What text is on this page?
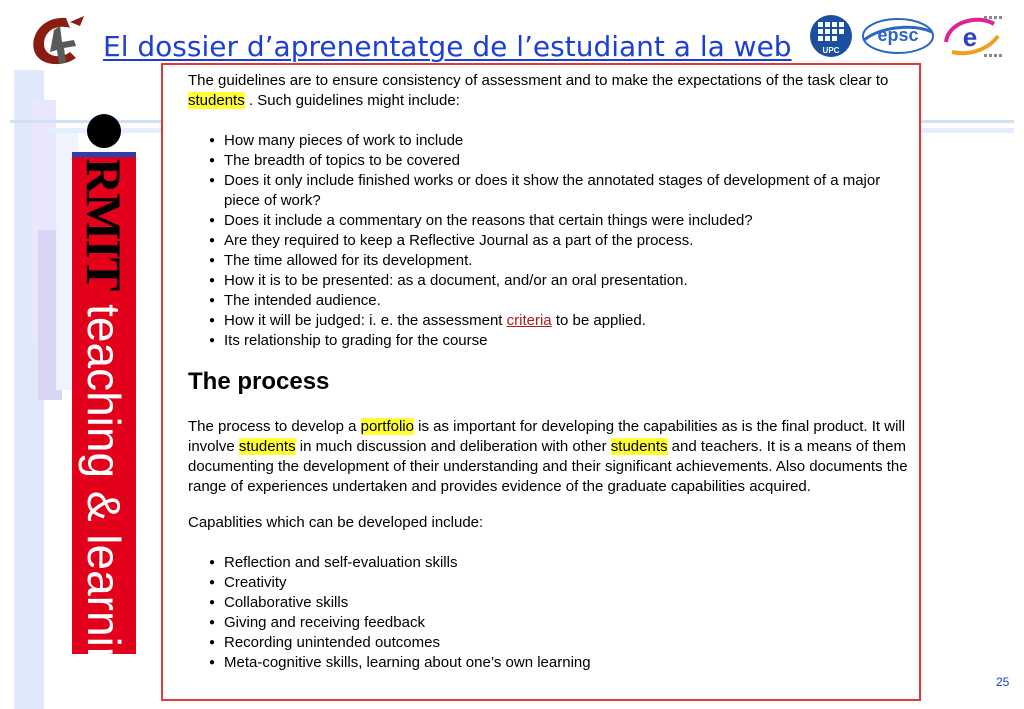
El dossier d’aprenentatge de l’estudiant a la web	UPC
epsc e
RMIT
teaching & learning

The guidelines are to ensure consistency of assessment and to make the expectations of the task clear to students . Such guidelines might include:

● How many pieces of work to include
● The breadth of topics to be covered
● Does it only include finished works or does it show the annotated stages of development of a major piece of work?
● Does it include a commentary on the reasons that certain things were included?
● Are they required to keep a Reflective Journal as a part of the process.
● The time allowed for its development.
● How it is to be presented: as a document, and/or an oral presentation.
● The intended audience.
● How it will be judged: i. e. the assessment criteria to be applied.
● Its relationship to grading for the course
The process

The process to develop a portfolio is as important for developing the capabilities as is the final product. It will involve students in much discussion and deliberation with other students and teachers. It is a means of them documenting the development of their understanding and their significant achievements. Also documents the range of experiences undertaken and provides evidence of the graduate capabilities acquired.

Capablities which can be developed include:

● Reflection and self-evaluation skills
● Creativity
● Collaborative skills
● Giving and receiving feedback
● Recording unintended outcomes
● Meta-cognitive skills, learning about one’s own learning
25
